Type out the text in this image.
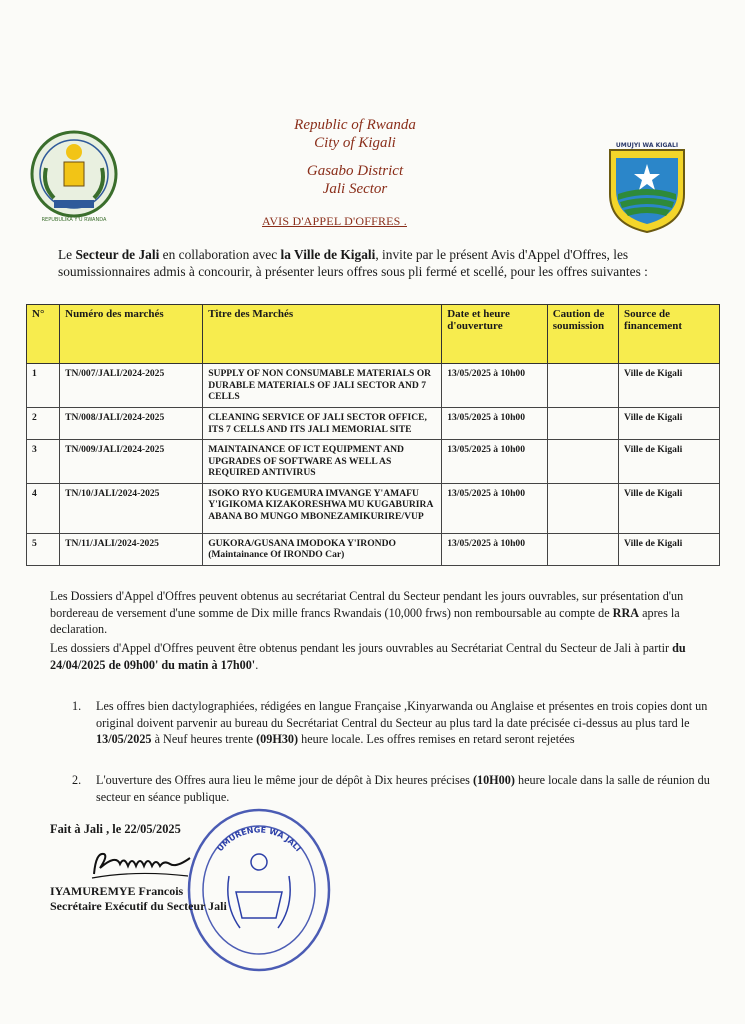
REPUBULIKA Y'U RWANDA
Republic of Rwanda
City of Kigali
Gasabo District
Jali Sector
UMUJYI WA KIGALI
AVIS D'APPEL D'OFFRES .
Le Secteur de Jali en collaboration avec la Ville de Kigali, invite par le présent Avis d'Appel d'Offres, les soumissionnaires admis à concourir, à présenter leurs offres sous pli fermé et scellé, pour les offres suivantes :
N°	Numéro des marchés	Titre des Marchés	Date et heure d'ouverture	Caution de soumission	Source de financement
1	TN/007/JALI/2024-2025	SUPPLY OF NON CONSUMABLE MATERIALS OR DURABLE MATERIALS OF JALI SECTOR AND 7 CELLS	13/05/2025 à 10h00		Ville de Kigali
2	TN/008/JALI/2024-2025	CLEANING SERVICE OF JALI SECTOR OFFICE, ITS 7 CELLS AND ITS JALI MEMORIAL SITE	13/05/2025 à 10h00		Ville de Kigali
3	TN/009/JALI/2024-2025	MAINTAINANCE OF ICT EQUIPMENT AND UPGRADES OF SOFTWARE AS WELL AS REQUIRED ANTIVIRUS	13/05/2025 à 10h00		Ville de Kigali
4	TN/10/JALI/2024-2025	ISOKO RYO KUGEMURA IMVANGE Y'AMAFU Y'IGIKOMA KIZAKORESHWA MU KUGABURIRA ABANA BO MUNGO MBONEZAMIKURIRE/VUP	13/05/2025 à 10h00		Ville de Kigali
5	TN/11/JALI/2024-2025	GUKORA/GUSANA IMODOKA Y'IRONDO (Maintainance Of IRONDO Car)	13/05/2025 à 10h00		Ville de Kigali
Les Dossiers d'Appel d'Offres peuvent obtenus au secrétariat Central du Secteur pendant les jours ouvrables, sur présentation d'un bordereau de versement d'une somme de Dix mille francs Rwandais (10,000 frws) non remboursable au compte de RRA apres la declaration.
Les dossiers d'Appel d'Offres peuvent être obtenus pendant les jours ouvrables au Secrétariat Central du Secteur de Jali à partir du 24/04/2025 de 09h00' du matin à 17h00'.
1. Les offres bien dactylographiées, rédigées en langue Française ,Kinyarwanda ou Anglaise et présentes en trois copies dont un original doivent parvenir au bureau du Secrétariat Central du Secteur au plus tard la date précisée ci-dessus au plus tard le 13/05/2025 à Neuf heures trente (09H30) heure locale. Les offres remises en retard seront rejetées
2. L'ouverture des Offres aura lieu le même jour de dépôt à Dix heures précises (10H00) heure locale dans la salle de réunion du secteur en séance publique.
Fait à Jali , le 22/05/2025
UMURENGE WA JALI
IYAMUREMYE Francois
Secrétaire Exécutif du Secteur Jali
